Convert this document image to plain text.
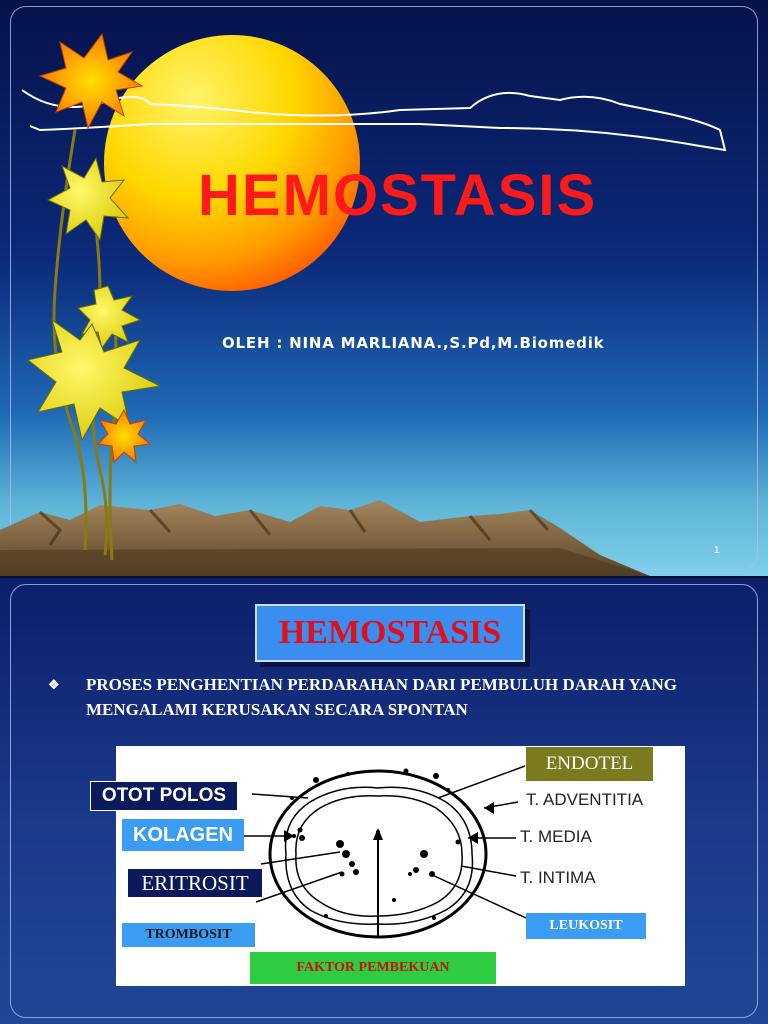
HEMOSTASIS
OLEH : NINA MARLIANA.,S.Pd,M.Biomedik
1
HEMOSTASIS
❖ PROSES PENGHENTIAN PERDARAHAN DARI PEMBULUH DARAH YANG MENGALAMI KERUSAKAN SECARA SPONTAN
ENDOTEL
T. ADVENTITIA
T. MEDIA
T. INTIMA
LEUKOSIT
FAKTOR PEMBEKUAN
OTOT POLOS
KOLAGEN
ERITROSIT
TROMBOSIT
